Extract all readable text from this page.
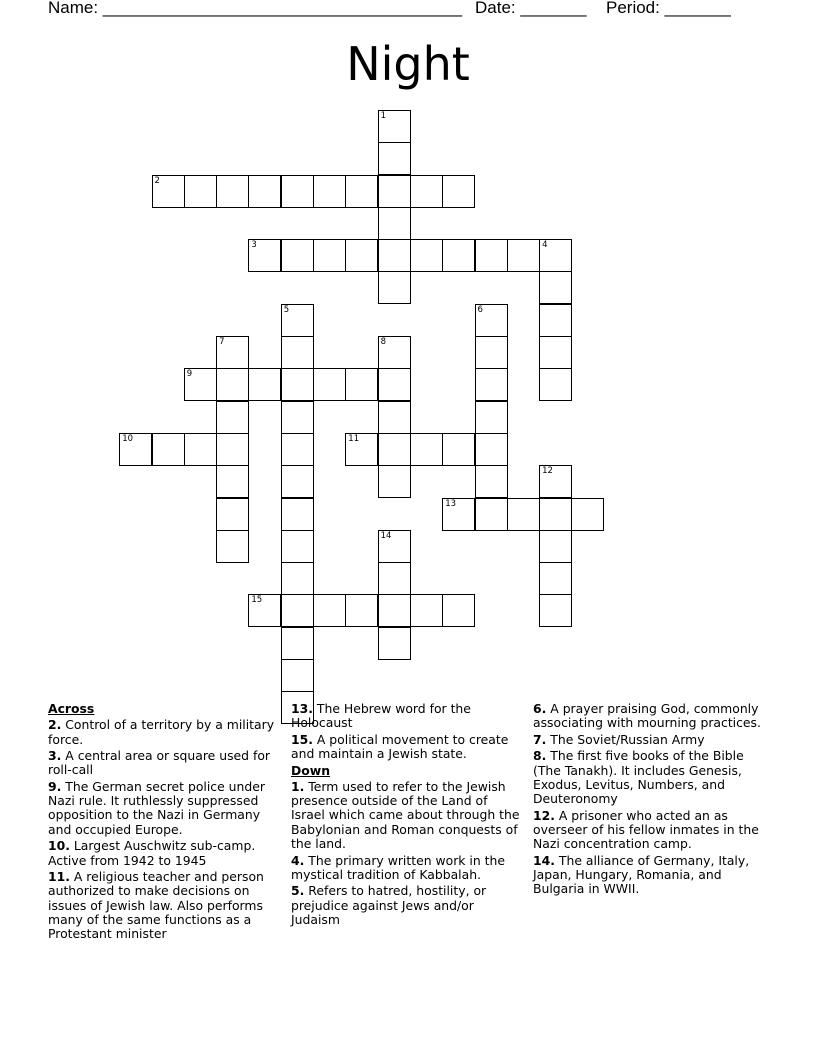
Name: ______________________________________ Date: _______ Period: _______
Night
1
2
3	4
5	6
7	8
9
10	11
12
13
14
15
Across
2. Control of a territory by a military force.
3. A central area or square used for roll-call
9. The German secret police under Nazi rule. It ruthlessly suppressed opposition to the Nazi in Germany and occupied Europe.
10. Largest Auschwitz sub-camp. Active from 1942 to 1945
11. A religious teacher and person authorized to make decisions on issues of Jewish law. Also performs many of the same functions as a Protestant minister
13. The Hebrew word for the Holocaust
15. A political movement to create and maintain a Jewish state.
Down
1. Term used to refer to the Jewish presence outside of the Land of Israel which came about through the Babylonian and Roman conquests of the land.
4. The primary written work in the mystical tradition of Kabbalah.
5. Refers to hatred, hostility, or prejudice against Jews and/or Judaism
6. A prayer praising God, commonly associating with mourning practices.
7. The Soviet/Russian Army
8. The first five books of the Bible (The Tanakh). It includes Genesis, Exodus, Levitus, Numbers, and Deuteronomy
12. A prisoner who acted an as overseer of his fellow inmates in the Nazi concentration camp.
14. The alliance of Germany, Italy, Japan, Hungary, Romania, and Bulgaria in WWII.
